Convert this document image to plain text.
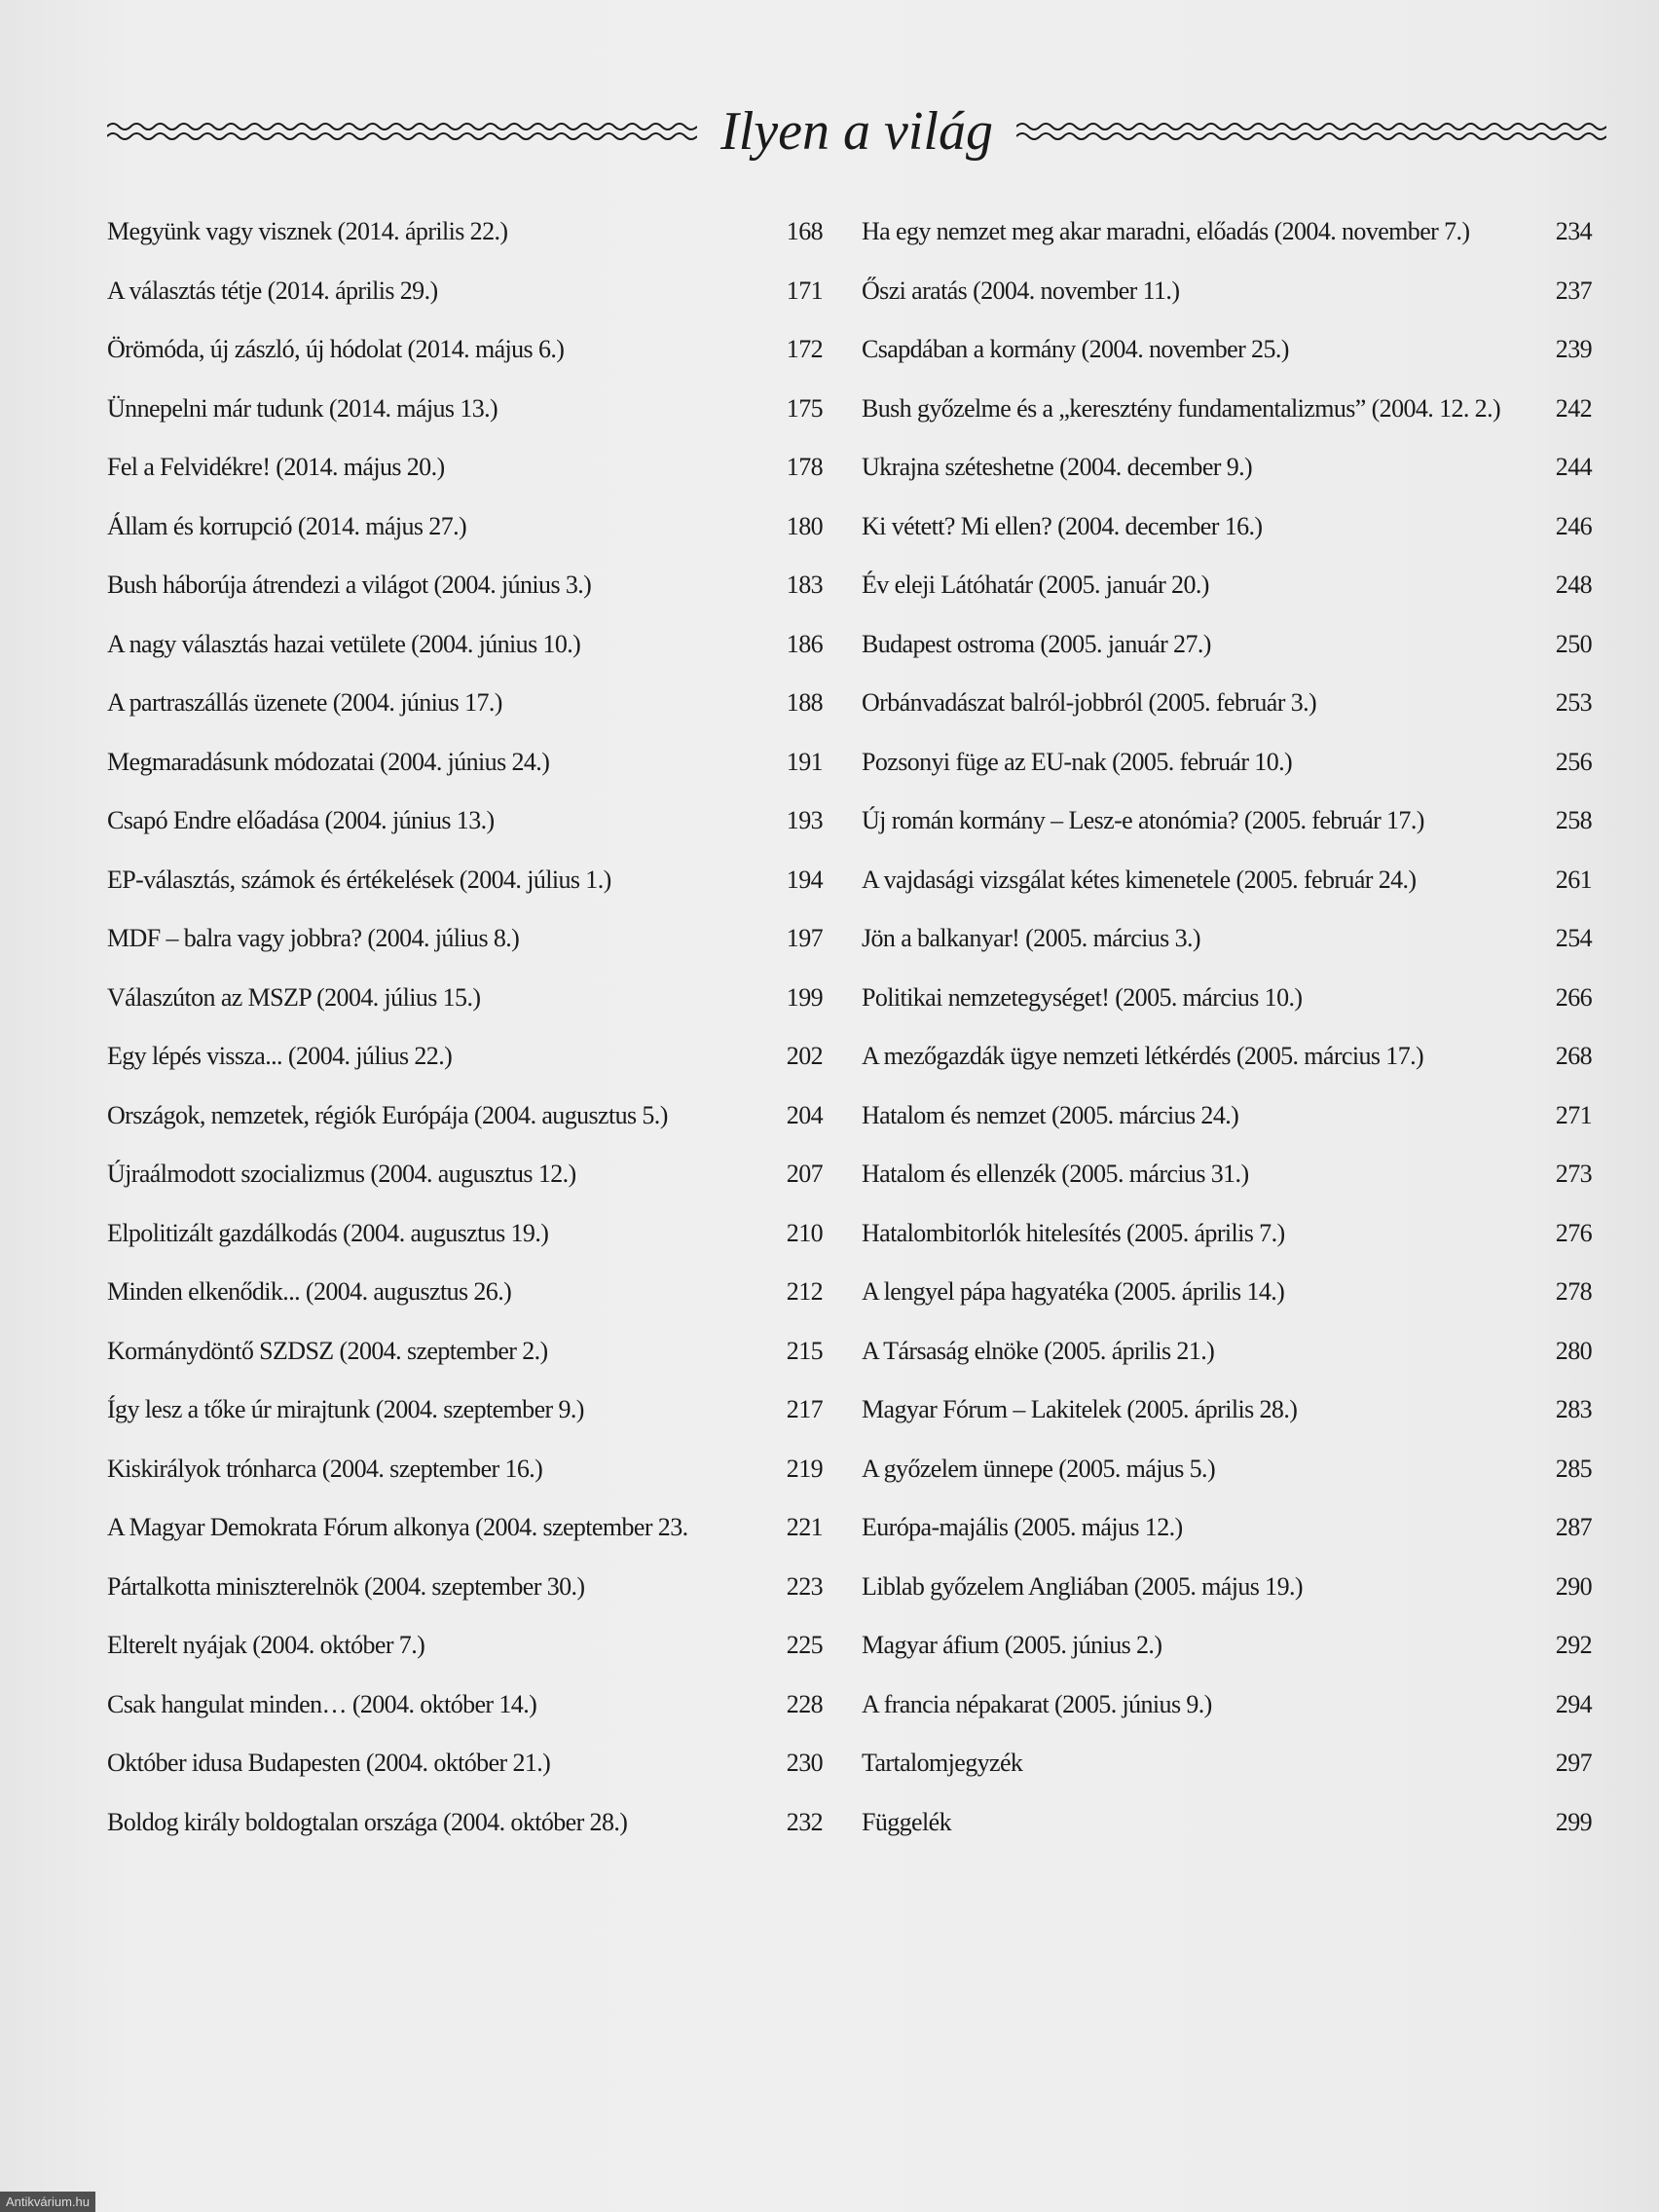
Ilyen a világ
Megyünk vagy visznek (2014. április 22.)	168
A választás tétje (2014. április 29.)	171
Örömóda, új zászló, új hódolat (2014. május 6.)	172
Ünnepelni már tudunk (2014. május 13.)	175
Fel a Felvidékre! (2014. május 20.)	178
Állam és korrupció (2014. május 27.)	180
Bush háborúja átrendezi a világot (2004. június 3.)	183
A nagy választás hazai vetülete (2004. június 10.)	186
A partraszállás üzenete (2004. június 17.)	188
Megmaradásunk módozatai (2004. június 24.)	191
Csapó Endre előadása (2004. június 13.)	193
EP-választás, számok és értékelések (2004. július 1.)	194
MDF – balra vagy jobbra? (2004. július 8.)	197
Válaszúton az MSZP (2004. július 15.)	199
Egy lépés vissza... (2004. július 22.)	202
Országok, nemzetek, régiók Európája (2004. augusztus 5.)	204
Újraálmodott szocializmus (2004. augusztus 12.)	207
Elpolitizált gazdálkodás (2004. augusztus 19.)	210
Minden elkenődik... (2004. augusztus 26.)	212
Kormánydöntő SZDSZ (2004. szeptember 2.)	215
Így lesz a tőke úr mirajtunk (2004. szeptember 9.)	217
Kiskirályok trónharca (2004. szeptember 16.)	219
A Magyar Demokrata Fórum alkonya (2004. szeptember 23.	221
Pártalkotta miniszterelnök (2004. szeptember 30.)	223
Elterelt nyájak (2004. október 7.)	225
Csak hangulat minden… (2004. október 14.)	228
Október idusa Budapesten (2004. október 21.)	230
Boldog király boldogtalan országa (2004. október 28.)	232
Ha egy nemzet meg akar maradni, előadás (2004. november 7.)	234
Őszi aratás (2004. november 11.)	237
Csapdában a kormány (2004. november 25.)	239
Bush győzelme és a „keresztény fundamentalizmus” (2004. 12. 2.)	242
Ukrajna széteshetne (2004. december 9.)	244
Ki vétett? Mi ellen? (2004. december 16.)	246
Év eleji Látóhatár (2005. január 20.)	248
Budapest ostroma (2005. január 27.)	250
Orbánvadászat balról-jobbról (2005. február 3.)	253
Pozsonyi füge az EU-nak (2005. február 10.)	256
Új román kormány – Lesz-e atonómia? (2005. február 17.)	258
A vajdasági vizsgálat kétes kimenetele (2005. február 24.)	261
Jön a balkanyar! (2005. március 3.)	254
Politikai nemzetegységet! (2005. március 10.)	266
A mezőgazdák ügye nemzeti létkérdés (2005. március 17.)	268
Hatalom és nemzet (2005. március 24.)	271
Hatalom és ellenzék (2005. március 31.)	273
Hatalombitorlók hitelesítés (2005. április 7.)	276
A lengyel pápa hagyatéka (2005. április 14.)	278
A Társaság elnöke (2005. április 21.)	280
Magyar Fórum – Lakitelek (2005. április 28.)	283
A győzelem ünnepe (2005. május 5.)	285
Európa-majális (2005. május 12.)	287
Liblab győzelem Angliában (2005. május 19.)	290
Magyar áfium (2005. június 2.)	292
A francia népakarat (2005. június 9.)	294
Tartalomjegyzék	297
Függelék	299
Antikvárium.hu
